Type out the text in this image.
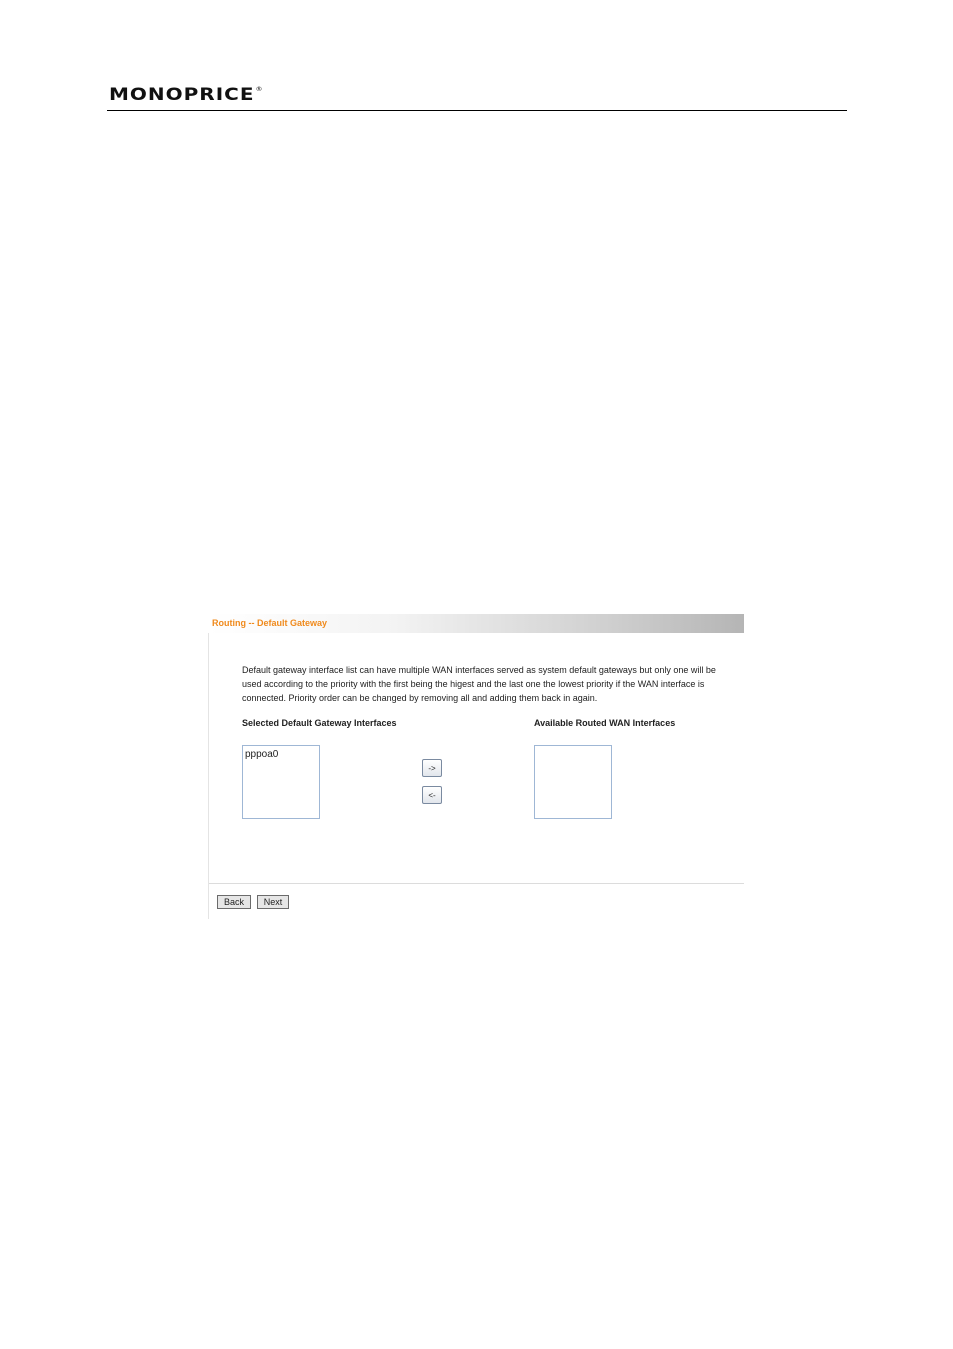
MONOPRICE®
Routing -- Default Gateway
Default gateway interface list can have multiple WAN interfaces served as system default gateways but only one will be used according to the priority with the first being the higest and the last one the lowest priority if the WAN interface is connected. Priority order can be changed by removing all and adding them back in again.
Selected Default Gateway Interfaces	Available Routed WAN Interfaces
pppoa0
->
<-
Back	Next
